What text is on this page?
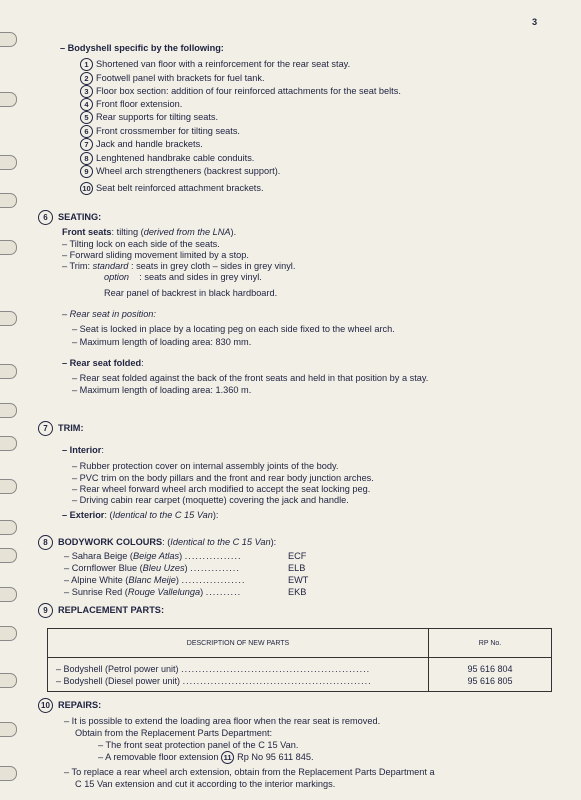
3
– Bodyshell specific by the following:
1 Shortened van floor with a reinforcement for the rear seat stay.
2 Footwell panel with brackets for fuel tank.
3 Floor box section: addition of four reinforced attachments for the seat belts.
4 Front floor extension.
5 Rear supports for tilting seats.
6 Front crossmember for tilting seats.
7 Jack and handle brackets.
8 Lenghtened handbrake cable conduits.
9 Wheel arch strengtheners (backrest support).
10 Seat belt reinforced attachment brackets.
6 SEATING:
Front seats: tilting (derived from the LNA).
– Tilting lock on each side of the seats.
– Forward sliding movement limited by a stop.
– Trim: standard : seats in grey cloth – sides in grey vinyl.
option : seats and sides in grey vinyl.
Rear panel of backrest in black hardboard.
– Rear seat in position:
– Seat is locked in place by a locating peg on each side fixed to the wheel arch.
– Maximum length of loading area: 830 mm.
– Rear seat folded:
– Rear seat folded against the back of the front seats and held in that position by a stay.
– Maximum length of loading area: 1.360 m.
7 TRIM:
– Interior:
– Rubber protection cover on internal assembly joints of the body.
– PVC trim on the body pillars and the front and rear body junction arches.
– Rear wheel forward wheel arch modified to accept the seat locking peg.
– Driving cabin rear carpet (moquette) covering the jack and handle.
– Exterior: (Identical to the C 15 Van):
8 BODYWORK COLOURS: (Identical to the C 15 Van):
– Sahara Beige (Beige Atlas) ................	ECF
– Cornflower Blue (Bleu Uzes) ..............	ELB
– Alpine White (Blanc Meije) ..................	EWT
– Sunrise Red (Rouge Vallelunga) ..........	EKB
9 REPLACEMENT PARTS:
DESCRIPTION OF NEW PARTS	RP No.
– Bodyshell (Petrol power unit) ......................................................	95 616 804
– Bodyshell (Diesel power unit) ......................................................	95 616 805
10 REPAIRS:
– It is possible to extend the loading area floor when the rear seat is removed.
Obtain from the Replacement Parts Department:
– The front seat protection panel of the C 15 Van.
– A removable floor extension 11 Rp No 95 611 845.
– To replace a rear wheel arch extension, obtain from the Replacement Parts Department a
C 15 Van extension and cut it according to the interior markings.
